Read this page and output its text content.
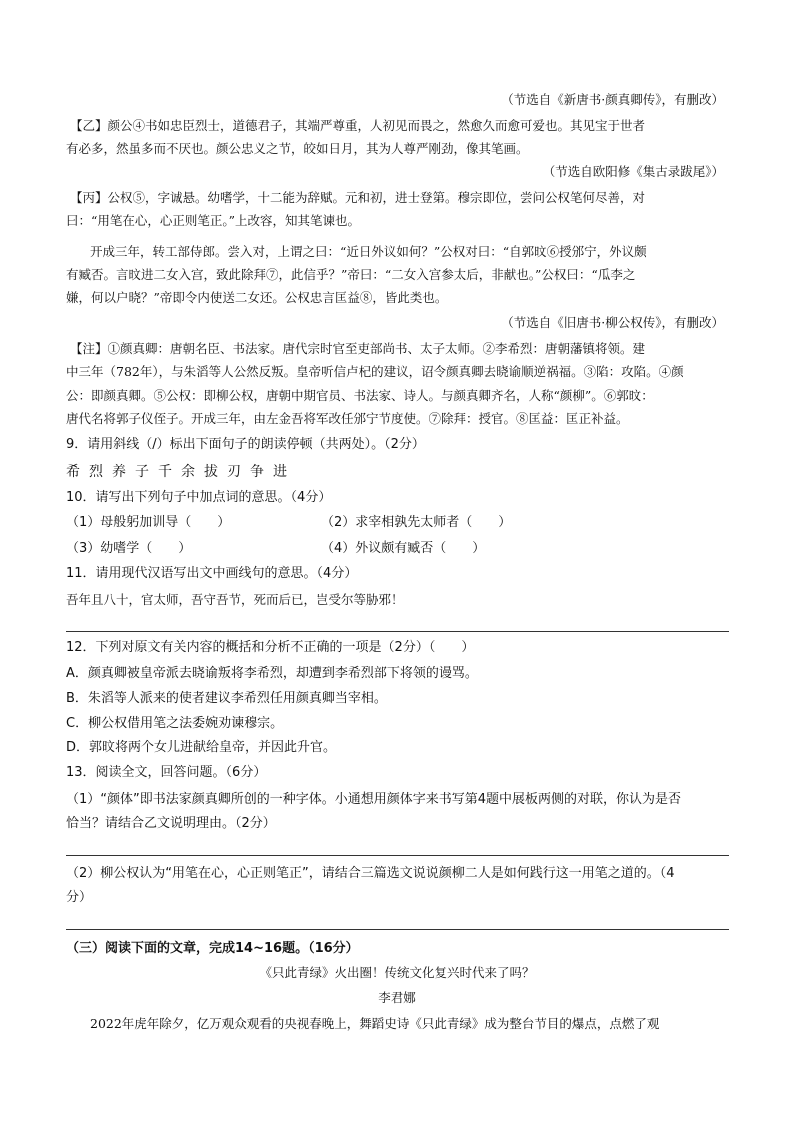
（节选自《新唐书·颜真卿传》，有删改）
【乙】颜公④书如忠臣烈士，道德君子，其端严尊重，人初见而畏之，然愈久而愈可爱也。其见宝于世者
有必多，然虽多而不厌也。颜公忠义之节，皎如日月，其为人尊严刚劲，像其笔画。
（节选自欧阳修《集古录跋尾》）
【丙】公权⑤，字诚悬。幼嗜学，十二能为辞赋。元和初，进士登第。穆宗即位，尝问公权笔何尽善，对
曰：“用笔在心，心正则笔正。”上改容，知其笔谏也。
开成三年，转工部侍郎。尝入对，上谓之曰：“近日外议如何？”公权对曰：“自郭旼⑥授邠宁，外议颇
有臧否。言旼进二女入宫，致此除拜⑦，此信乎？”帝曰：“二女入宫参太后，非献也。”公权曰：“瓜李之
嫌，何以户晓？”帝即令内使送二女还。公权忠言匡益⑧，皆此类也。
（节选自《旧唐书·柳公权传》，有删改）
【注】①颜真卿：唐朝名臣、书法家。唐代宗时官至吏部尚书、太子太师。②李希烈：唐朝藩镇将领。建
中三年（782年），与朱滔等人公然反叛。皇帝听信卢杞的建议，诏令颜真卿去晓谕顺逆祸福。③陷：攻陷。④颜
公：即颜真卿。⑤公权：即柳公权，唐朝中期官员、书法家、诗人。与颜真卿齐名，人称“颜柳”。⑥郭旼：
唐代名将郭子仪侄子。开成三年，由左金吾将军改任邠宁节度使。⑦除拜：授官。⑧匡益：匡正补益。
9．请用斜线（/）标出下面句子的朗读停顿（共两处）。（2分）
希烈养子千余拔刃争进
10．请写出下列句子中加点词的意思。（4分）
（1）母般躬加训导（　　）	（2）求宰相孰先太师者（　　）
（3）幼嗜学（　　）	（4）外议颇有臧否（　　）
11．请用现代汉语写出文中画线句的意思。（4分）
吾年且八十，官太师，吾守吾节，死而后已，岂受尔等胁邪！
12．下列对原文有关内容的概括和分析不正确的一项是（2分）（　　）
A．颜真卿被皇帝派去晓谕叛将李希烈，却遭到李希烈部下将领的谩骂。
B．朱滔等人派来的使者建议李希烈任用颜真卿当宰相。
C．柳公权借用笔之法委婉劝谏穆宗。
D．郭旼将两个女儿进献给皇帝，并因此升官。
13．阅读全文，回答问题。（6分）
（1）“颜体”即书法家颜真卿所创的一种字体。小通想用颜体字来书写第4题中展板两侧的对联，你认为是否
恰当？请结合乙文说明理由。（2分）
（2）柳公权认为“用笔在心，心正则笔正”，请结合三篇选文说说颜柳二人是如何践行这一用笔之道的。（4
分）
（三）阅读下面的文章，完成14~16题。（16分）
《只此青绿》火出圈！传统文化复兴时代来了吗？
李君娜
2022年虎年除夕，亿万观众观看的央视春晚上，舞蹈史诗《只此青绿》成为整台节目的爆点，点燃了观
